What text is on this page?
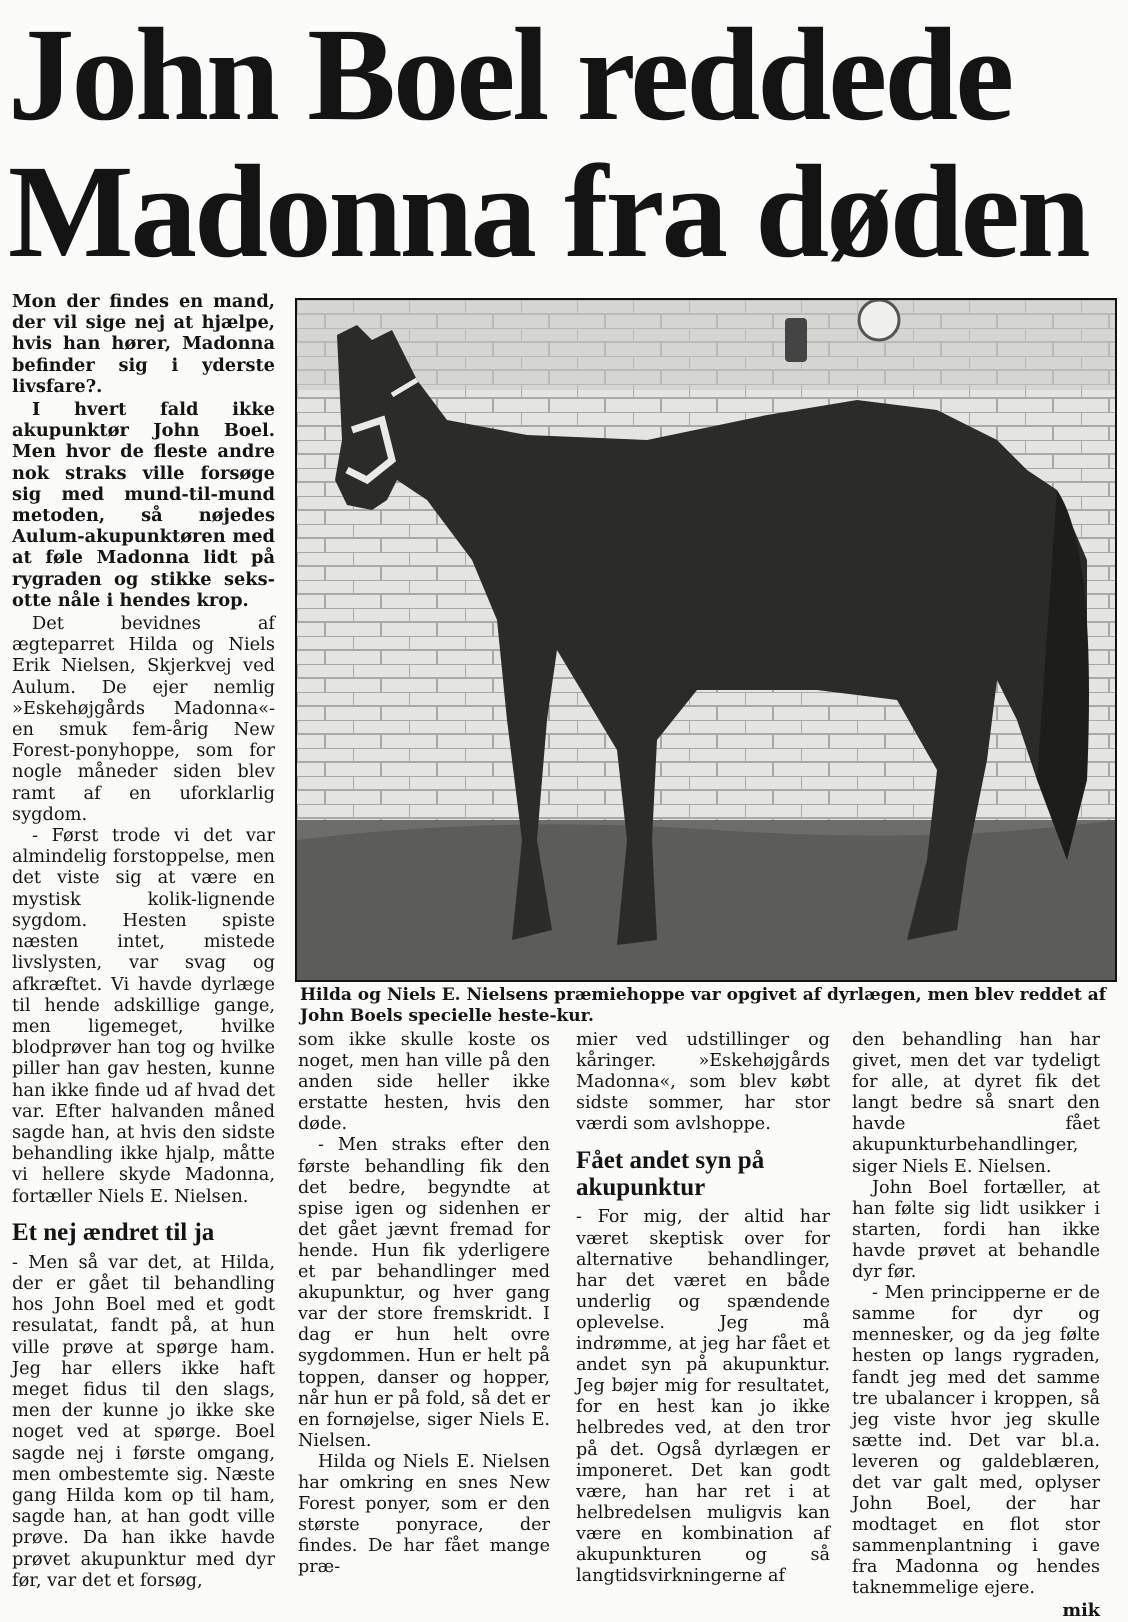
John Boel reddede
Madonna fra døden

Mon der findes en mand, der vil sige nej at hjælpe, hvis han hører, Madonna befinder sig i yderste livsfare?.

I hvert fald ikke akupunktør John Boel. Men hvor de fleste andre nok straks ville forsøge sig med mund-til-mund metoden, så nøjedes Aulum-akupunktøren med at føle Madonna lidt på rygraden og stikke seks-otte nåle i hendes krop.

Det bevidnes af ægteparret Hilda og Niels Erik Nielsen, Skjerkvej ved Aulum. De ejer nemlig »Eskehøjgårds Madonna«- en smuk fem-årig New Forest-ponyhoppe, som for nogle måneder siden blev ramt af en uforklarlig sygdom.

- Først trode vi det var almindelig forstoppelse, men det viste sig at være en mystisk kolik-lignende sygdom. Hesten spiste næsten intet, mistede livslysten, var svag og afkræftet. Vi havde dyrlæge til hende adskillige gange, men ligemeget, hvilke blodprøver han tog og hvilke piller han gav hesten, kunne han ikke finde ud af hvad det var. Efter halvanden måned sagde han, at hvis den sidste behandling ikke hjalp, måtte vi hellere skyde Madonna, fortæller Niels E. Nielsen.

Et nej ændret til ja

- Men så var det, at Hilda, der er gået til behandling hos John Boel med et godt resulatat, fandt på, at hun ville prøve at spørge ham. Jeg har ellers ikke haft meget fidus til den slags, men der kunne jo ikke ske noget ved at spørge. Boel sagde nej i første omgang, men ombestemte sig. Næste gang Hilda kom op til ham, sagde han, at han godt ville prøve. Da han ikke havde prøvet akupunktur med dyr før, var det et forsøg,

Hilda og Niels E. Nielsens præmiehoppe var opgivet af dyrlægen, men blev reddet af John Boels specielle heste-kur.

som ikke skulle koste os noget, men han ville på den anden side heller ikke erstatte hesten, hvis den døde.

- Men straks efter den første behandling fik den det bedre, begyndte at spise igen og sidenhen er det gået jævnt fremad for hende. Hun fik yderligere et par behandlinger med akupunktur, og hver gang var der store fremskridt. I dag er hun helt ovre sygdommen. Hun er helt på toppen, danser og hopper, når hun er på fold, så det er en fornøjelse, siger Niels E. Nielsen.

Hilda og Niels E. Nielsen har omkring en snes New Forest ponyer, som er den største ponyrace, der findes. De har fået mange præ-

mier ved udstillinger og kåringer. »Eskehøjgårds Madonna«, som blev købt sidste sommer, har stor værdi som avlshoppe.

Fået andet syn på akupunktur

- For mig, der altid har været skeptisk over for alternative behandlinger, har det været en både underlig og spændende oplevelse. Jeg må indrømme, at jeg har fået et andet syn på akupunktur. Jeg bøjer mig for resultatet, for en hest kan jo ikke helbredes ved, at den tror på det. Også dyrlægen er imponeret. Det kan godt være, han har ret i at helbredelsen muligvis kan være en kombination af akupunkturen og så langtidsvirkningerne af

den behandling han har givet, men det var tydeligt for alle, at dyret fik det langt bedre så snart den havde fået akupunkturbehandlinger, siger Niels E. Nielsen.

John Boel fortæller, at han følte sig lidt usikker i starten, fordi han ikke havde prøvet at behandle dyr før.

- Men principperne er de samme for dyr og mennesker, og da jeg følte hesten op langs rygraden, fandt jeg med det samme tre ubalancer i kroppen, så jeg viste hvor jeg skulle sætte ind. Det var bl.a. leveren og galdeblæren, det var galt med, oplyser John Boel, der har modtaget en flot stor sammenplantning i gave fra Madonna og hendes taknemmelige ejere.

mik
